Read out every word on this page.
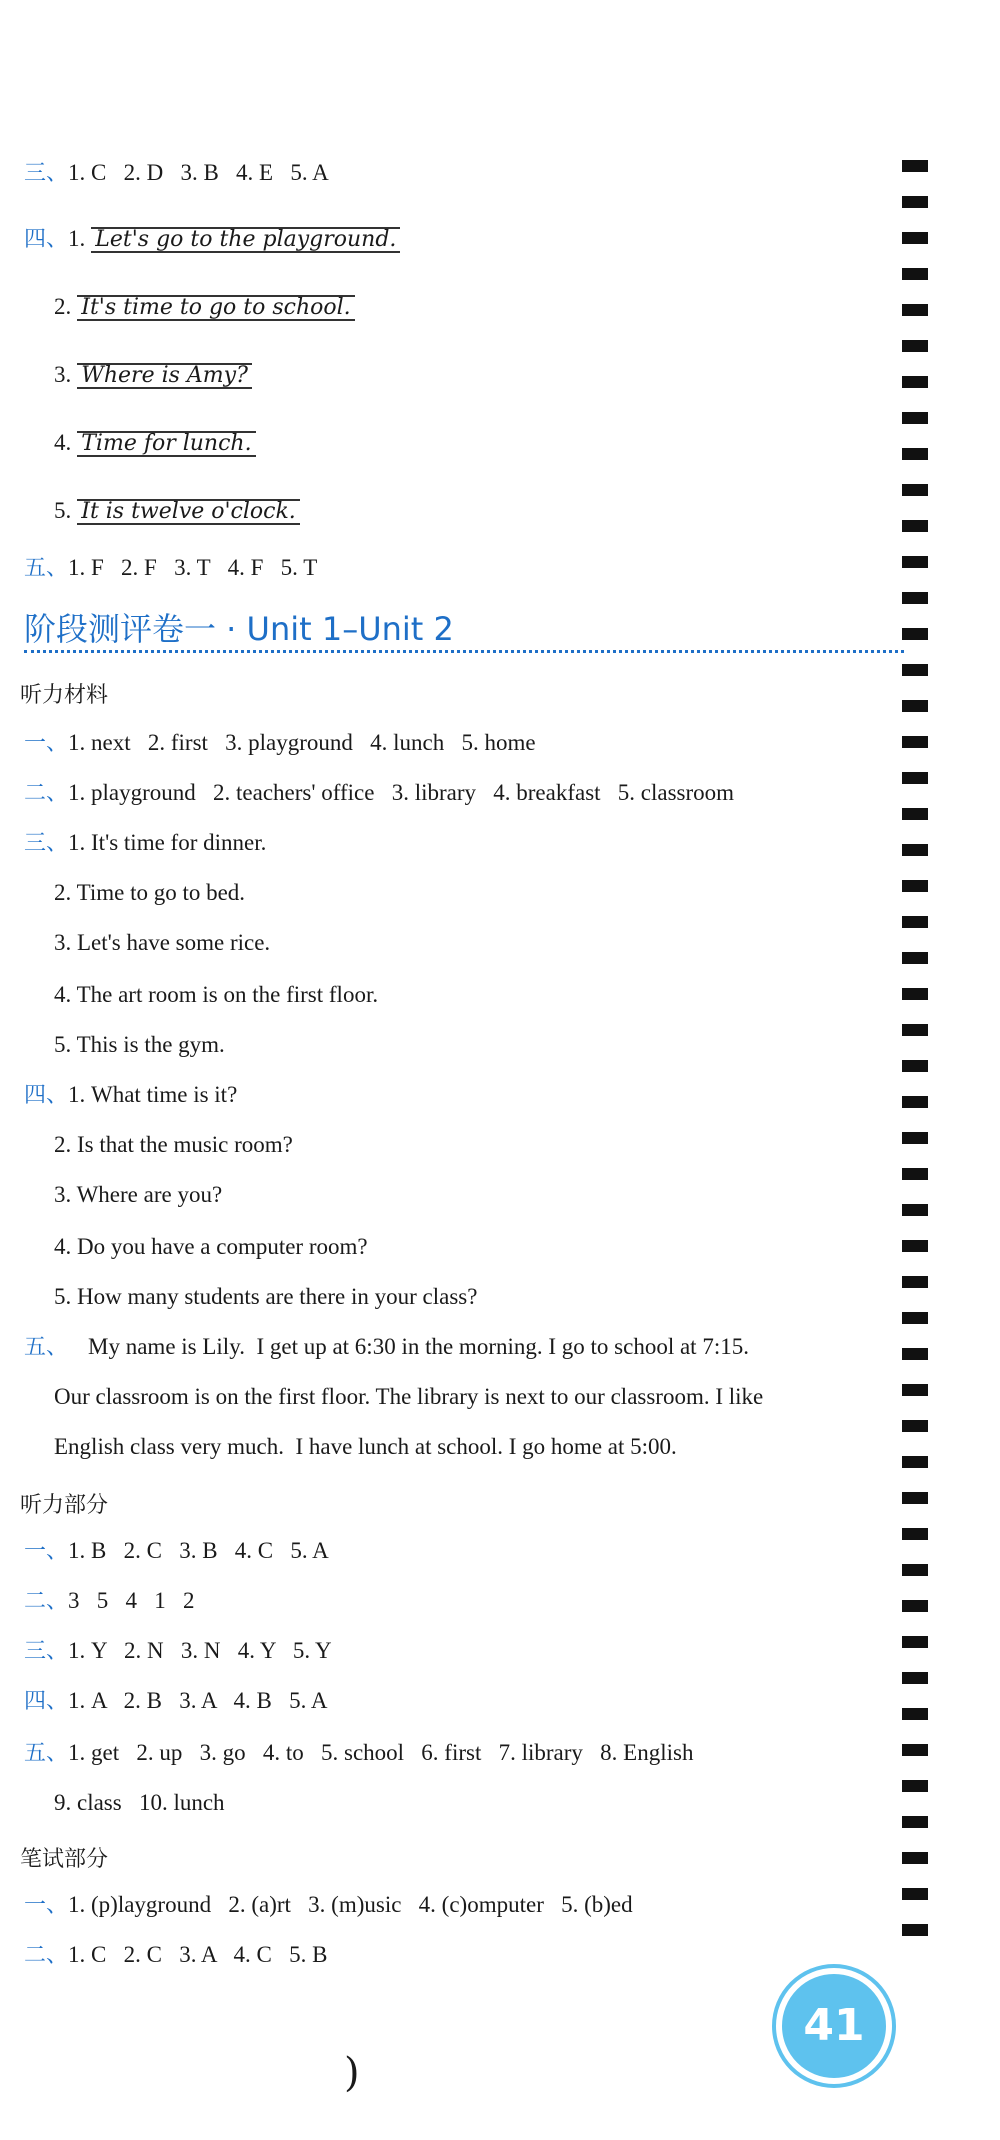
三、1. C   2. D   3. B   4. E   5. A
四、1. Let's go to the playground.
2. It's time to go to school.
3. Where is Amy?
4. Time for lunch.
5. It is twelve o'clock.
五、1. F   2. F   3. T   4. F   5. T
阶段测评卷一 · Unit 1–Unit 2
听力材料
一、1. next   2. first   3. playground   4. lunch   5. home
二、1. playground   2. teachers' office   3. library   4. breakfast   5. classroom
三、1. It's time for dinner.
2. Time to go to bed.
3. Let's have some rice.
4. The art room is on the first floor.
5. This is the gym.
四、1. What time is it?
2. Is that the music room?
3. Where are you?
4. Do you have a computer room?
5. How many students are there in your class?
五、 My name is Lily.  I get up at 6:30 in the morning. I go to school at 7:15.
Our classroom is on the first floor. The library is next to our classroom. I like
English class very much.  I have lunch at school. I go home at 5:00.
听力部分
一、1. B   2. C   3. B   4. C   5. A
二、3   5   4   1   2
三、1. Y   2. N   3. N   4. Y   5. Y
四、1. A   2. B   3. A   4. B   5. A
五、1. get   2. up   3. go   4. to   5. school   6. first   7. library   8. English
9. class   10. lunch
笔试部分
一、1. (p)layground   2. (a)rt   3. (m)usic   4. (c)omputer   5. (b)ed
二、1. C   2. C   3. A   4. C   5. B
41
)
